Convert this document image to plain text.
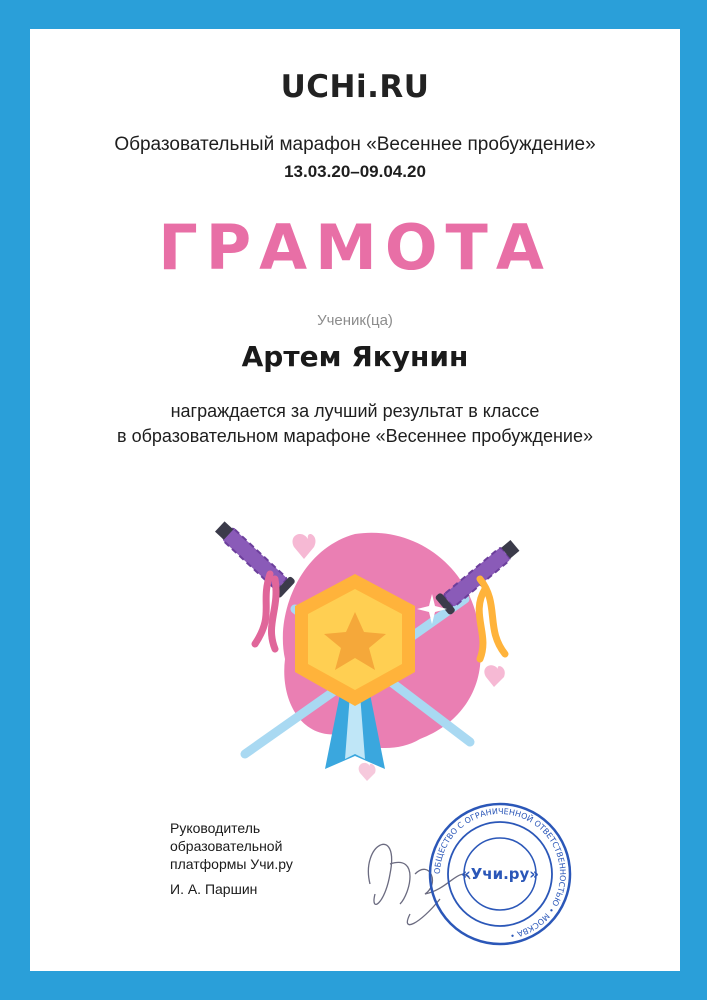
UCHi.RU
Образовательный марафон «Весеннее пробуждение»
13.03.20–09.04.20
ГРАМОТА
Ученик(ца)
Артем Якунин
награждается за лучший результат в классе
в образовательном марафоне «Весеннее пробуждение»
Руководитель
образовательной
платформы Учи.ру
И. А. Паршин
ОБЩЕСТВО С ОГРАНИЧЕННОЙ ОТВЕТСТВЕННОСТЬЮ • МОСКВА •
«Учи.ру»
